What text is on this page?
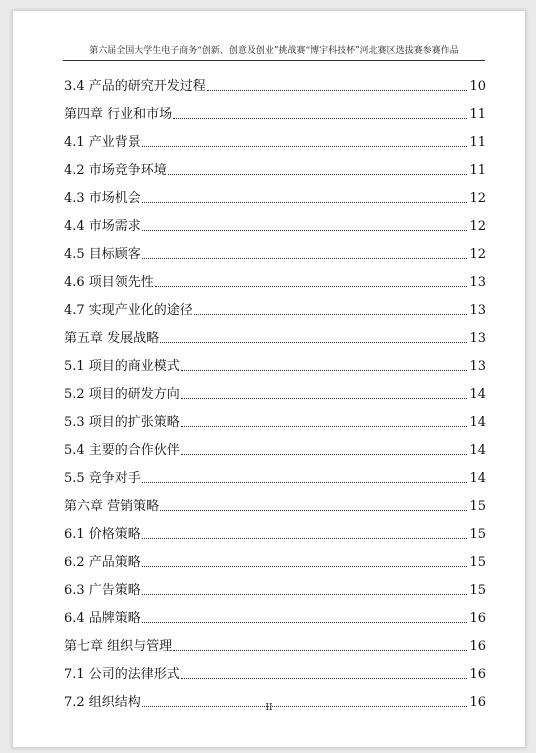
第六届全国大学生电子商务“创新、创意及创业”挑战赛“博宇科技杯”河北赛区选拔赛参赛作品
3.4 产品的研究开发过程	10
第四章 行业和市场	11
4.1 产业背景	11
4.2 市场竞争环境	11
4.3 市场机会	12
4.4 市场需求	12
4.5 目标顾客	12
4.6 项目领先性	13
4.7 实现产业化的途径	13
第五章 发展战略	13
5.1 项目的商业模式	13
5.2 项目的研发方向	14
5.3 项目的扩张策略	14
5.4 主要的合作伙伴	14
5.5 竞争对手	14
第六章 营销策略	15
6.1 价格策略	15
6.2 产品策略	15
6.3 广告策略	15
6.4 品牌策略	16
第七章 组织与管理	16
7.1 公司的法律形式	16
7.2 组织结构	16
II
